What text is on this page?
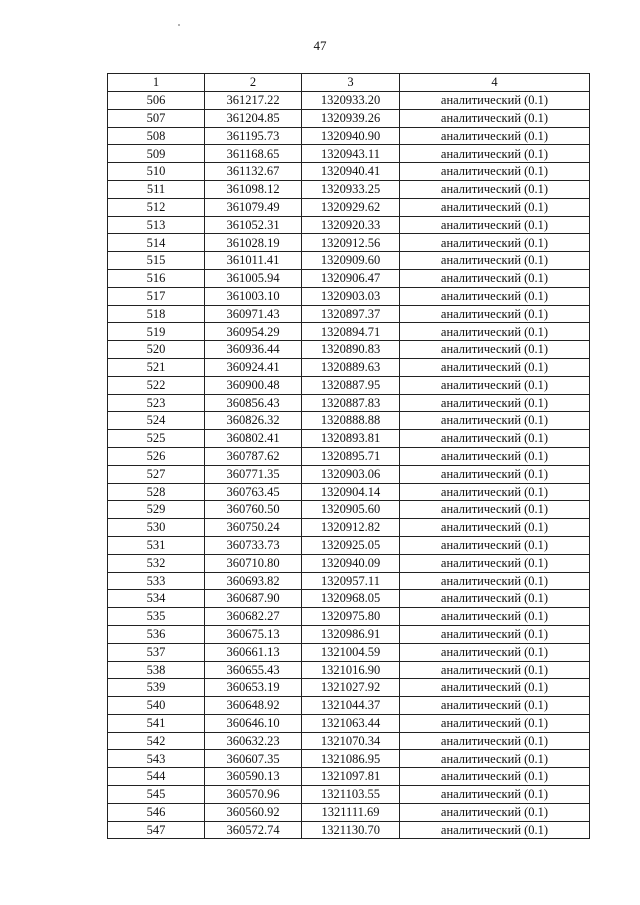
47
1	2	3	4
506	361217.22	1320933.20	аналитический (0.1)
507	361204.85	1320939.26	аналитический (0.1)
508	361195.73	1320940.90	аналитический (0.1)
509	361168.65	1320943.11	аналитический (0.1)
510	361132.67	1320940.41	аналитический (0.1)
511	361098.12	1320933.25	аналитический (0.1)
512	361079.49	1320929.62	аналитический (0.1)
513	361052.31	1320920.33	аналитический (0.1)
514	361028.19	1320912.56	аналитический (0.1)
515	361011.41	1320909.60	аналитический (0.1)
516	361005.94	1320906.47	аналитический (0.1)
517	361003.10	1320903.03	аналитический (0.1)
518	360971.43	1320897.37	аналитический (0.1)
519	360954.29	1320894.71	аналитический (0.1)
520	360936.44	1320890.83	аналитический (0.1)
521	360924.41	1320889.63	аналитический (0.1)
522	360900.48	1320887.95	аналитический (0.1)
523	360856.43	1320887.83	аналитический (0.1)
524	360826.32	1320888.88	аналитический (0.1)
525	360802.41	1320893.81	аналитический (0.1)
526	360787.62	1320895.71	аналитический (0.1)
527	360771.35	1320903.06	аналитический (0.1)
528	360763.45	1320904.14	аналитический (0.1)
529	360760.50	1320905.60	аналитический (0.1)
530	360750.24	1320912.82	аналитический (0.1)
531	360733.73	1320925.05	аналитический (0.1)
532	360710.80	1320940.09	аналитический (0.1)
533	360693.82	1320957.11	аналитический (0.1)
534	360687.90	1320968.05	аналитический (0.1)
535	360682.27	1320975.80	аналитический (0.1)
536	360675.13	1320986.91	аналитический (0.1)
537	360661.13	1321004.59	аналитический (0.1)
538	360655.43	1321016.90	аналитический (0.1)
539	360653.19	1321027.92	аналитический (0.1)
540	360648.92	1321044.37	аналитический (0.1)
541	360646.10	1321063.44	аналитический (0.1)
542	360632.23	1321070.34	аналитический (0.1)
543	360607.35	1321086.95	аналитический (0.1)
544	360590.13	1321097.81	аналитический (0.1)
545	360570.96	1321103.55	аналитический (0.1)
546	360560.92	1321111.69	аналитический (0.1)
547	360572.74	1321130.70	аналитический (0.1)
